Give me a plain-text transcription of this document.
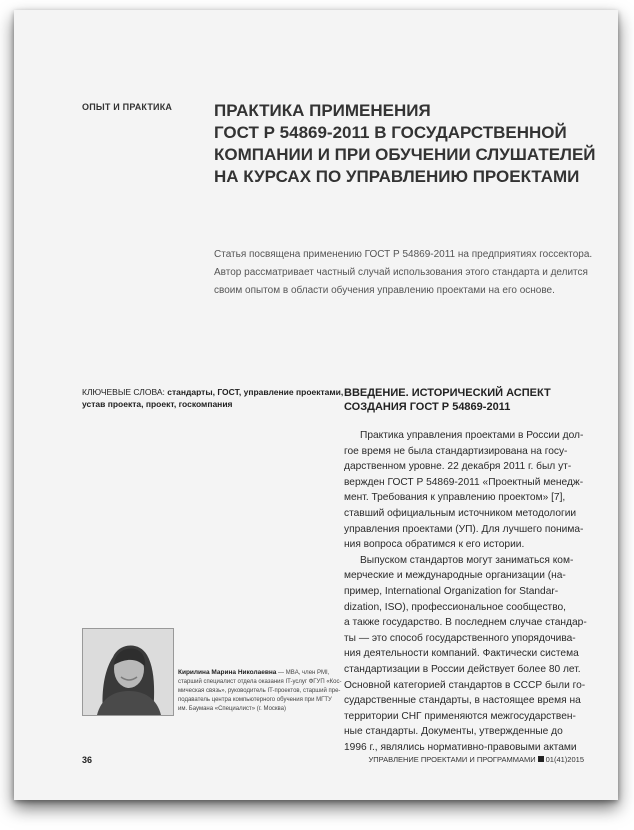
ОПЫТ И ПРАКТИКА ПРАКТИКА ПРИМЕНЕНИЯ
ГОСТ Р 54869-2011 В ГОСУДАРСТВЕННОЙ
КОМПАНИИ И ПРИ ОБУЧЕНИИ СЛУШАТЕЛЕЙ
НА КУРСАХ ПО УПРАВЛЕНИЮ ПРОЕКТАМИ

Статья посвящена применению ГОСТ Р 54869-2011 на предприятиях госсектора.
Автор рассматривает частный случай использования этого стандарта и делится
своим опытом в области обучения управлению проектами на его основе.

КЛЮЧЕВЫЕ СЛОВА: стандарты, ГОСТ, управление проектами,
устав проекта, проект, госкомпания

ВВЕДЕНИЕ. ИСТОРИЧЕСКИЙ АСПЕКТ
СОЗДАНИЯ ГОСТ Р 54869-2011
Практика управления проектами в России дол-
гое время не была стандартизирована на госу-
дарственном уровне. 22 декабря 2011 г. был ут-
вержден ГОСТ Р 54869-2011 «Проектный менедж-
мент. Требования к управлению проектом» [7],
ставший официальным источником методологии
управления проектами (УП). Для лучшего понима-
ния вопроса обратимся к его истории.
Выпуском стандартов могут заниматься ком-
мерческие и международные организации (на-
пример, International Organization for Standar-
dization, ISO), профессиональное сообщество,
а также государство. В последнем случае стандар-
ты — это способ государственного упорядочива-
ния деятельности компаний. Фактически система
стандартизации в России действует более 80 лет.
Основной категорией стандартов в СССР были го-
сударственные стандарты, в настоящее время на
территории СНГ применяются межгосударствен-
ные стандарты. Документы, утвержденные до
1996 г., являлись нормативно-правовыми актами

Кирилина Марина Николаевна — MBA, член PMI,
старший специалист отдела оказания IT-услуг ФГУП «Кос-
мическая связь», руководитель IT-проектов, старший пре-
подаватель центра компьютерного обучения при МГТУ
им. Баумана «Специалист» (г. Москва)

36	УПРАВЛЕНИЕ ПРОЕКТАМИ И ПРОГРАММАМИ 01(41)2015
